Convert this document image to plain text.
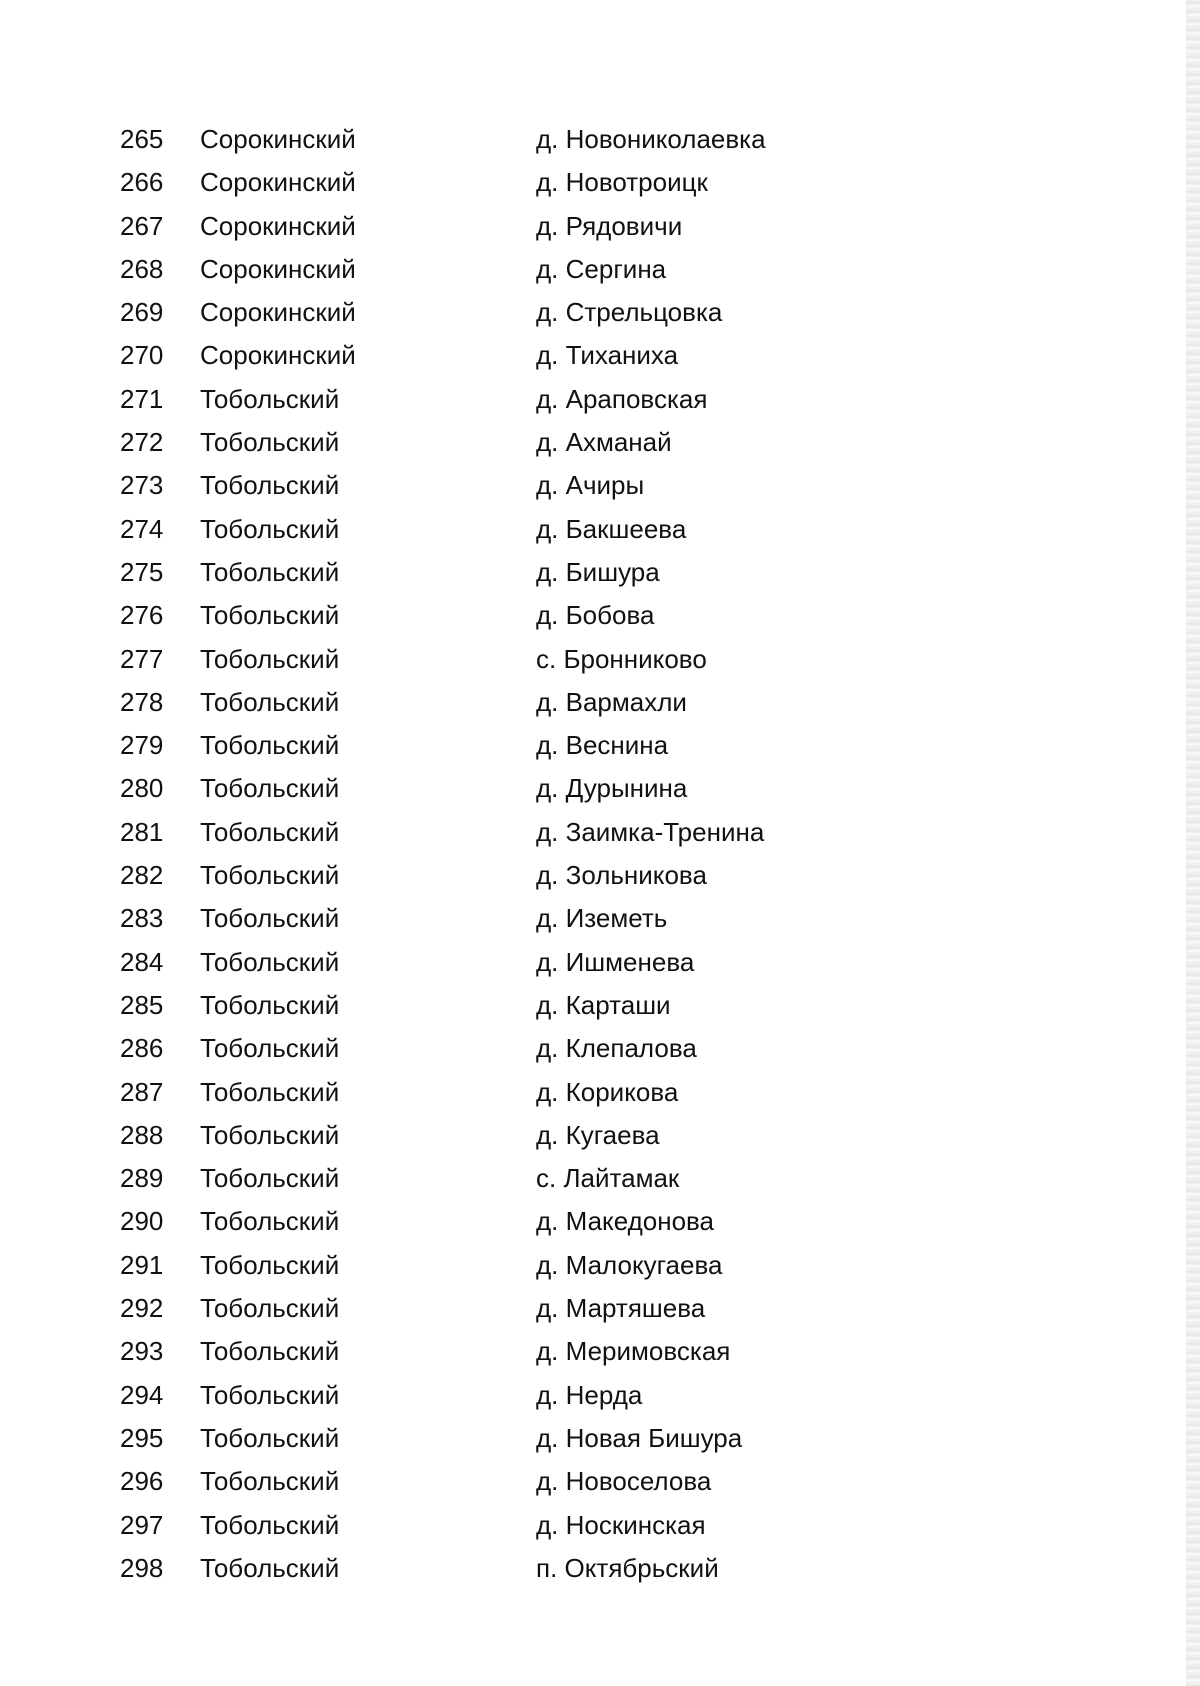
265 Сорокинский	д. Новониколаевка
266 Сорокинский	д. Новотроицк
267 Сорокинский	д. Рядовичи
268 Сорокинский	д. Сергина
269 Сорокинский	д. Стрельцовка
270 Сорокинский	д. Тиханиха
271 Тобольский	д. Араповская
272 Тобольский	д. Ахманай
273 Тобольский	д. Ачиры
274 Тобольский	д. Бакшеева
275 Тобольский	д. Бишура
276 Тобольский	д. Бобова
277 Тобольский	с. Бронниково
278 Тобольский	д. Вармахли
279 Тобольский	д. Веснина
280 Тобольский	д. Дурынина
281 Тобольский	д. Заимка-Тренина
282 Тобольский	д. Зольникова
283 Тобольский	д. Иземеть
284 Тобольский	д. Ишменева
285 Тобольский	д. Карташи
286 Тобольский	д. Клепалова
287 Тобольский	д. Корикова
288 Тобольский	д. Кугаева
289 Тобольский	с. Лайтамак
290 Тобольский	д. Македонова
291 Тобольский	д. Малокугаева
292 Тобольский	д. Мартяшева
293 Тобольский	д. Меримовская
294 Тобольский	д. Нерда
295 Тобольский	д. Новая Бишура
296 Тобольский	д. Новоселова
297 Тобольский	д. Носкинская
298 Тобольский	п. Октябрьский
